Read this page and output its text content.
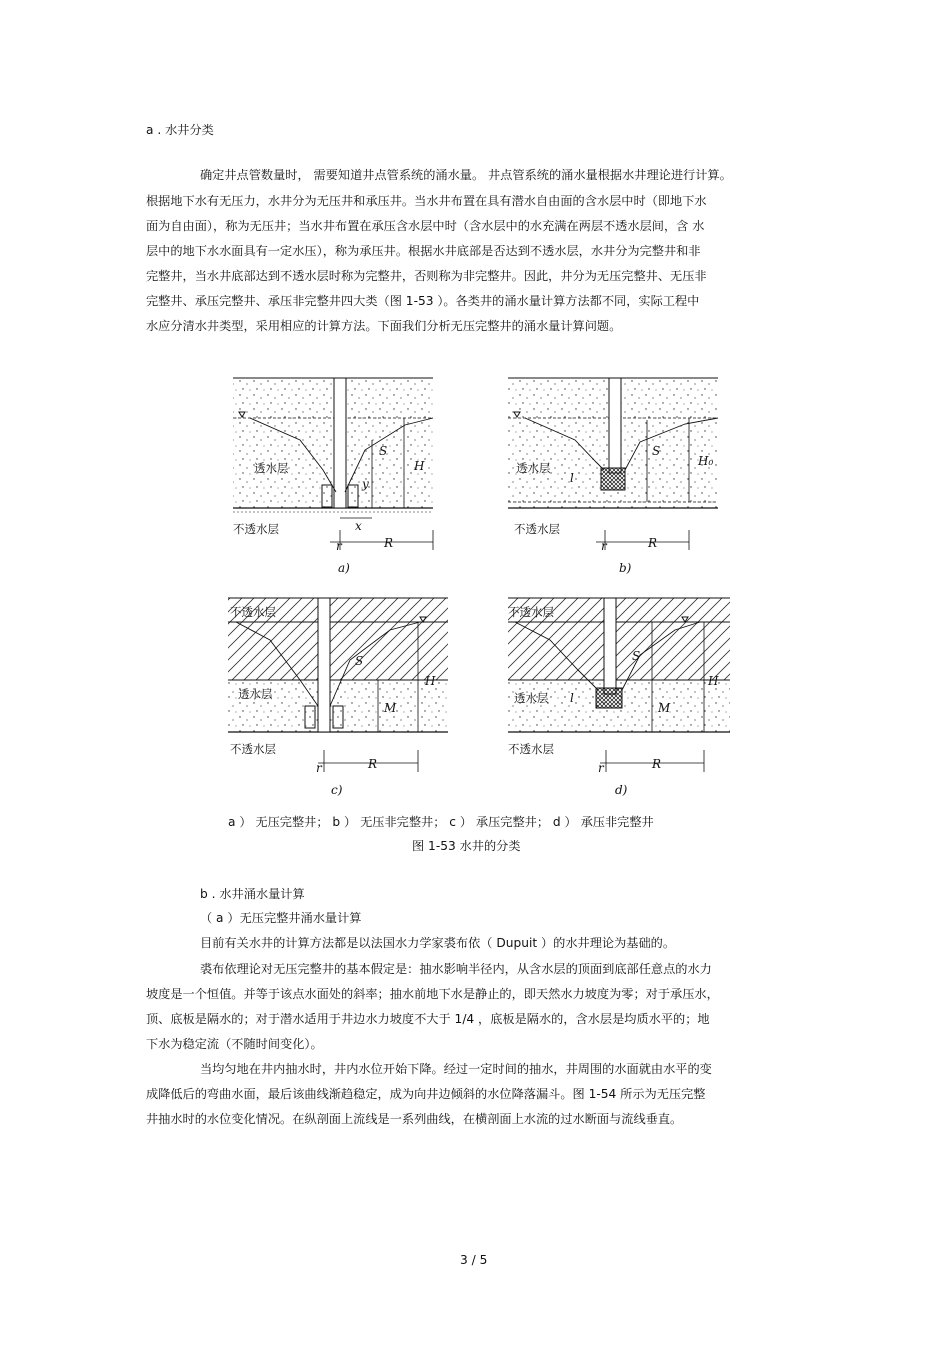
a . 水井分类
确定井点管数量时， 需要知道井点管系统的涌水量。 井点管系统的涌水量根据水井理论进行计算。
根据地下水有无压力，水井分为无压井和承压井。当水井布置在具有潜水自由面的含水层中时（即地下水
面为自由面），称为无压井；当水井布置在承压含水层中时（含水层中的水充满在两层不透水层间，含 水
层中的地下水水面具有一定水压），称为承压井。根据水井底部是否达到不透水层，水井分为完整井和非
完整井，当水井底部达到不透水层时称为完整井，否则称为非完整井。因此，井分为无压完整井、无压非
完整井、承压完整井、承压非完整井四大类（图 1-53 ）。各类井的涌水量计算方法都不同，实际工程中
水应分清水井类型，采用相应的计算方法。下面我们分析无压完整井的涌水量计算问题。
透水层
不透水层
H
S
y
x
R
r
a)
透水层
不透水层
H₀
S
l
R
r
b)
不透水层
透水层
不透水层
H
S
M
R
r
c)
不透水层
透水层
不透水层
H
S
l
M
R
r
d)
a ） 无压完整井； b ） 无压非完整井； c ） 承压完整井； d ） 承压非完整井
图 1-53 水井的分类
b . 水井涌水量计算
（ a ）无压完整井涌水量计算
目前有关水井的计算方法都是以法国水力学家裘布依（ Dupuit ）的水井理论为基础的。
裘布依理论对无压完整井的基本假定是：抽水影响半径内，从含水层的顶面到底部任意点的水力
坡度是一个恒值。并等于该点水面处的斜率；抽水前地下水是静止的，即天然水力坡度为零；对于承压水，
顶、底板是隔水的；对于潜水适用于井边水力坡度不大于 1/4 ，底板是隔水的，含水层是均质水平的；地
下水为稳定流（不随时间变化）。
当均匀地在井内抽水时，井内水位开始下降。经过一定时间的抽水，井周围的水面就由水平的变
成降低后的弯曲水面，最后该曲线渐趋稳定，成为向井边倾斜的水位降落漏斗。图 1-54 所示为无压完整
井抽水时的水位变化情况。在纵剖面上流线是一系列曲线，在横剖面上水流的过水断面与流线垂直。
3 / 5
